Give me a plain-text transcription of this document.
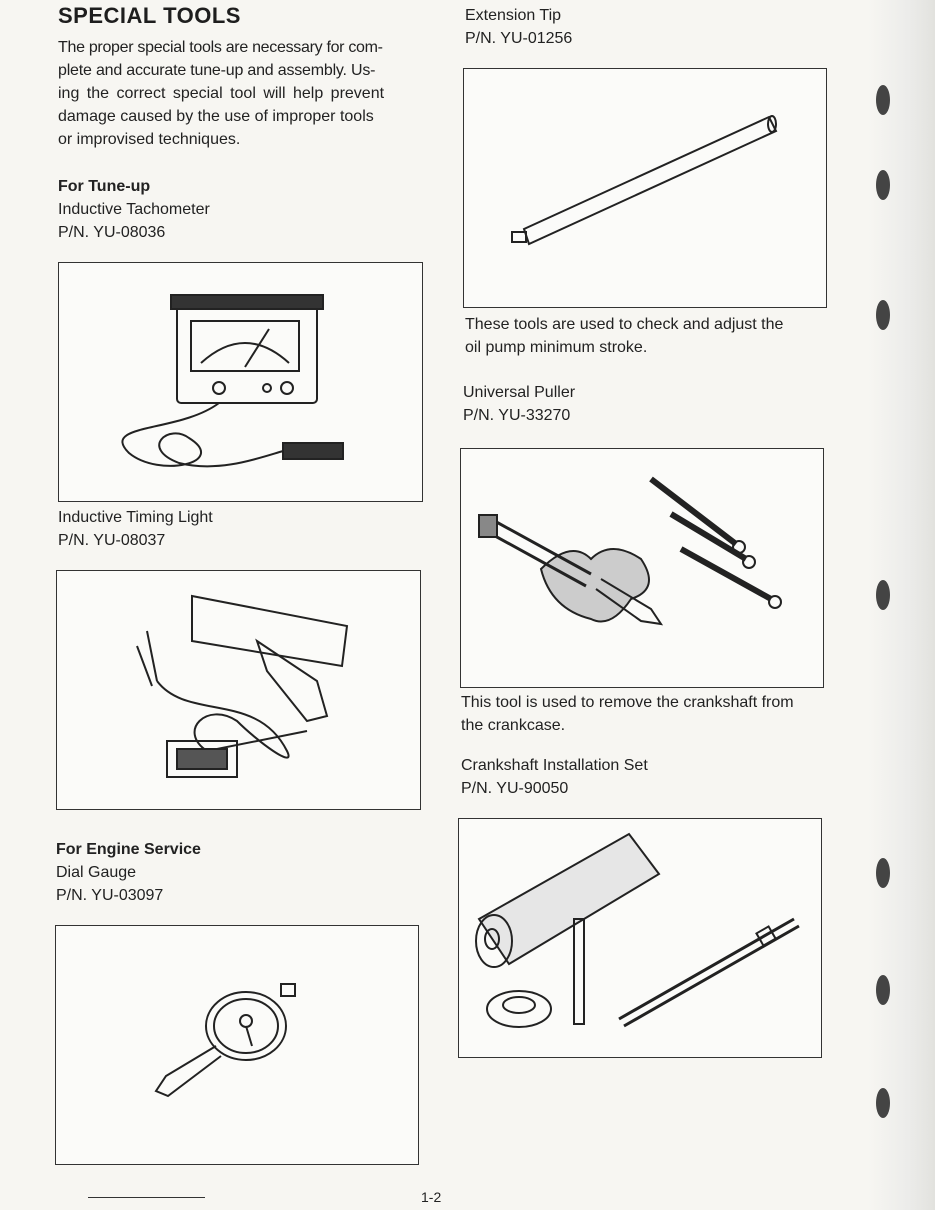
SPECIAL TOOLS
The proper special tools are necessary for com-
plete and accurate tune-up and assembly. Us-
ing the correct special tool will help prevent
damage caused by the use of improper tools
or improvised techniques.
For Tune-up
Inductive Tachometer
P/N. YU-08036
Inductive Timing Light
P/N. YU-08037
For Engine Service
Dial Gauge
P/N. YU-03097
Extension Tip
P/N. YU-01256
These tools are used to check and adjust the
oil pump minimum stroke.
Universal Puller
P/N. YU-33270
This tool is used to remove the crankshaft from
the crankcase.
Crankshaft Installation Set
P/N. YU-90050
1-2
